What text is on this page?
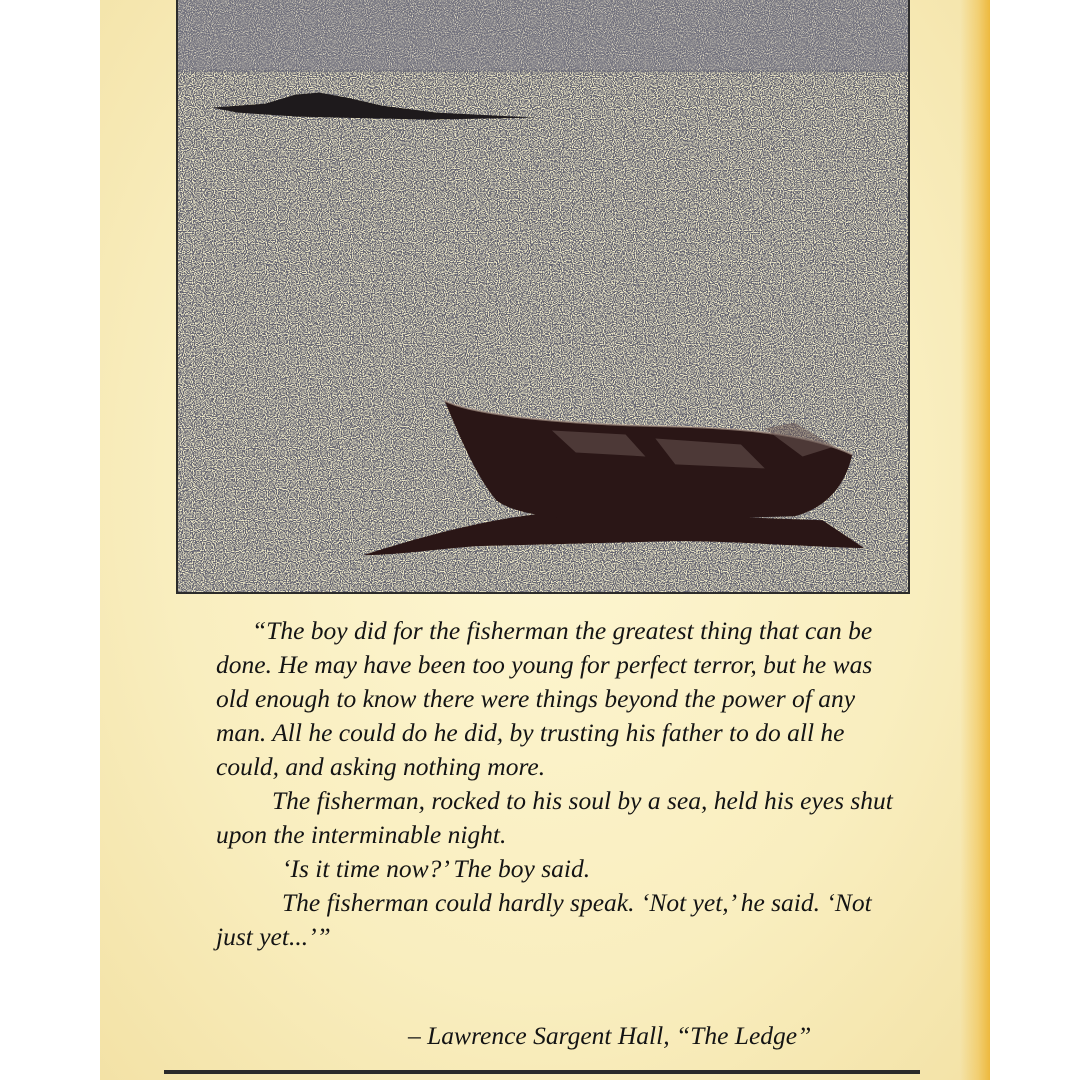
“The boy did for the fisherman the greatest thing that can be done. He may have been too young for perfect terror, but he was old enough to know there were things beyond the power of any man. All he could do he did, by trusting his father to do all he could, and asking nothing more.

The fisherman, rocked to his soul by a sea, held his eyes shut upon the interminable night.

‘Is it time now?’ The boy said.

The fisherman could hardly speak. ‘Not yet,’ he said. ‘Not just yet...’”

– Lawrence Sargent Hall, “The Ledge”
